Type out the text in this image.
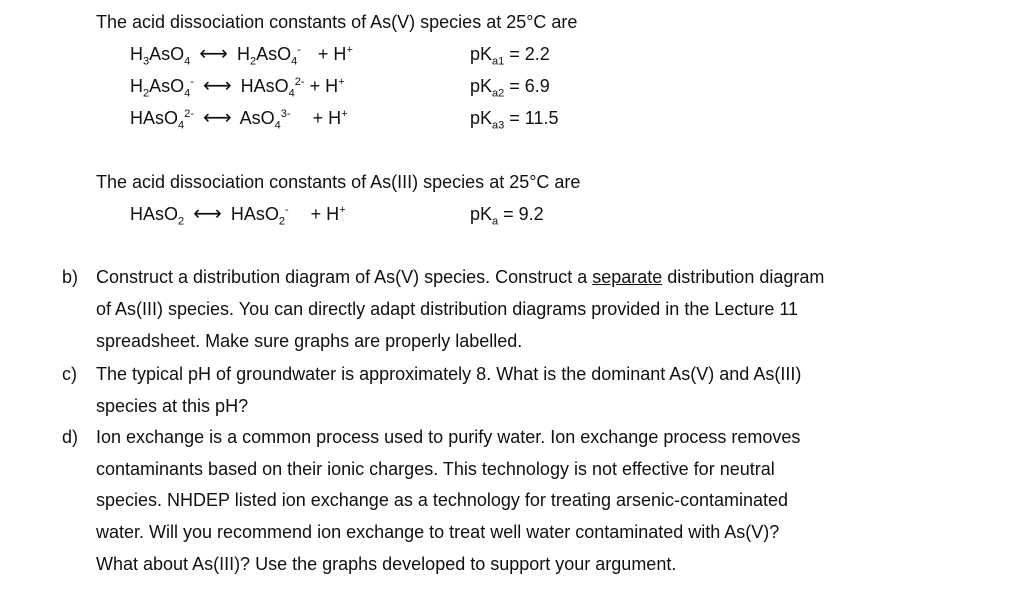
The acid dissociation constants of As(V) species at 25°C are
$H_3AsO_4$ ⟷ $H_2AsO_4^- + H^+$	$pK_{a1} = 2.2$
$H_2AsO_4^-$ ⟷ HAsO$_4^{2-}$ + H+	$pK_{a2} = 6.9$
HAsO$_4^{2-}$ ⟷ AsO$_4^{3-}$  + H+	$pK_{a3} = 11.5$
The acid dissociation constants of As(III) species at 25°C are
HAsO$_2$ ⟷ HAsO$_2$-  + H+	$pK_a = 9.2$
b) Construct a distribution diagram of As(V) species. Construct a separate distribution diagram
of As(III) species. You can directly adapt distribution diagrams provided in the Lecture 11
spreadsheet. Make sure graphs are properly labelled.
c) The typical pH of groundwater is approximately 8. What is the dominant As(V) and As(III)
species at this pH?
d) Ion exchange is a common process used to purify water. Ion exchange process removes
contaminants based on their ionic charges. This technology is not effective for neutral
species. NHDEP listed ion exchange as a technology for treating arsenic-contaminated
water. Will you recommend ion exchange to treat well water contaminated with As(V)?
What about As(III)? Use the graphs developed to support your argument.
